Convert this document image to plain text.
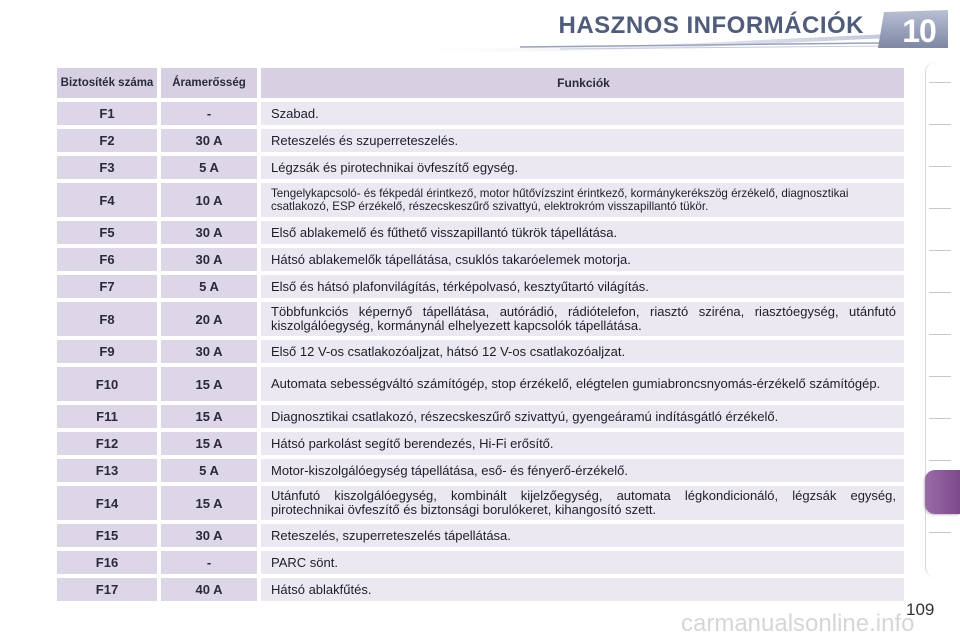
HASZNOS INFORMÁCIÓK 10
Biztosíték száma	Áramerősség	Funkciók
F1	-	Szabad.
F2	30 A	Reteszelés és szuperreteszelés.
F3	5 A	Légzsák és pirotechnikai övfeszítő egység.
F4	10 A	Tengelykapcsoló- és fékpedál érintkező, motor hűtővízszint érintkező, kormánykerékszög érzékelő, diagnosztikai csatlakozó, ESP érzékelő, részecskeszűrő szivattyú, elektrokróm visszapillantó tükör.
F5	30 A	Első ablakemelő és fűthető visszapillantó tükrök tápellátása.
F6	30 A	Hátsó ablakemelők tápellátása, csuklós takaróelemek motorja.
F7	5 A	Első és hátsó plafonvilágítás, térképolvasó, kesztyűtartó világítás.
F8	20 A	Többfunkciós képernyő tápellátása, autórádió, rádiótelefon, riasztó sziréna, riasztóegység, utánfutó kiszolgálóegység, kormánynál elhelyezett kapcsolók tápellátása.
F9	30 A	Első 12 V-os csatlakozóaljzat, hátsó 12 V-os csatlakozóaljzat.
F10	15 A	Automata sebességváltó számítógép, stop érzékelő, elégtelen gumiabroncsnyomás-érzékelő számítógép.
F11	15 A	Diagnosztikai csatlakozó, részecskeszűrő szivattyú, gyengeáramú indításgátló érzékelő.
F12	15 A	Hátsó parkolást segítő berendezés, Hi-Fi erősítő.
F13	5 A	Motor-kiszolgálóegység tápellátása, eső- és fényerő-érzékelő.
F14	15 A	Utánfutó kiszolgálóegység, kombinált kijelzőegység, automata légkondicionáló, légzsák egység, pirotechnikai övfeszítő és biztonsági borulókeret, kihangosító szett.
F15	30 A	Reteszelés, szuperreteszelés tápellátása.
F16	-	PARC sönt.
F17	40 A	Hátsó ablakfűtés.
109
carmanualsonline.info
